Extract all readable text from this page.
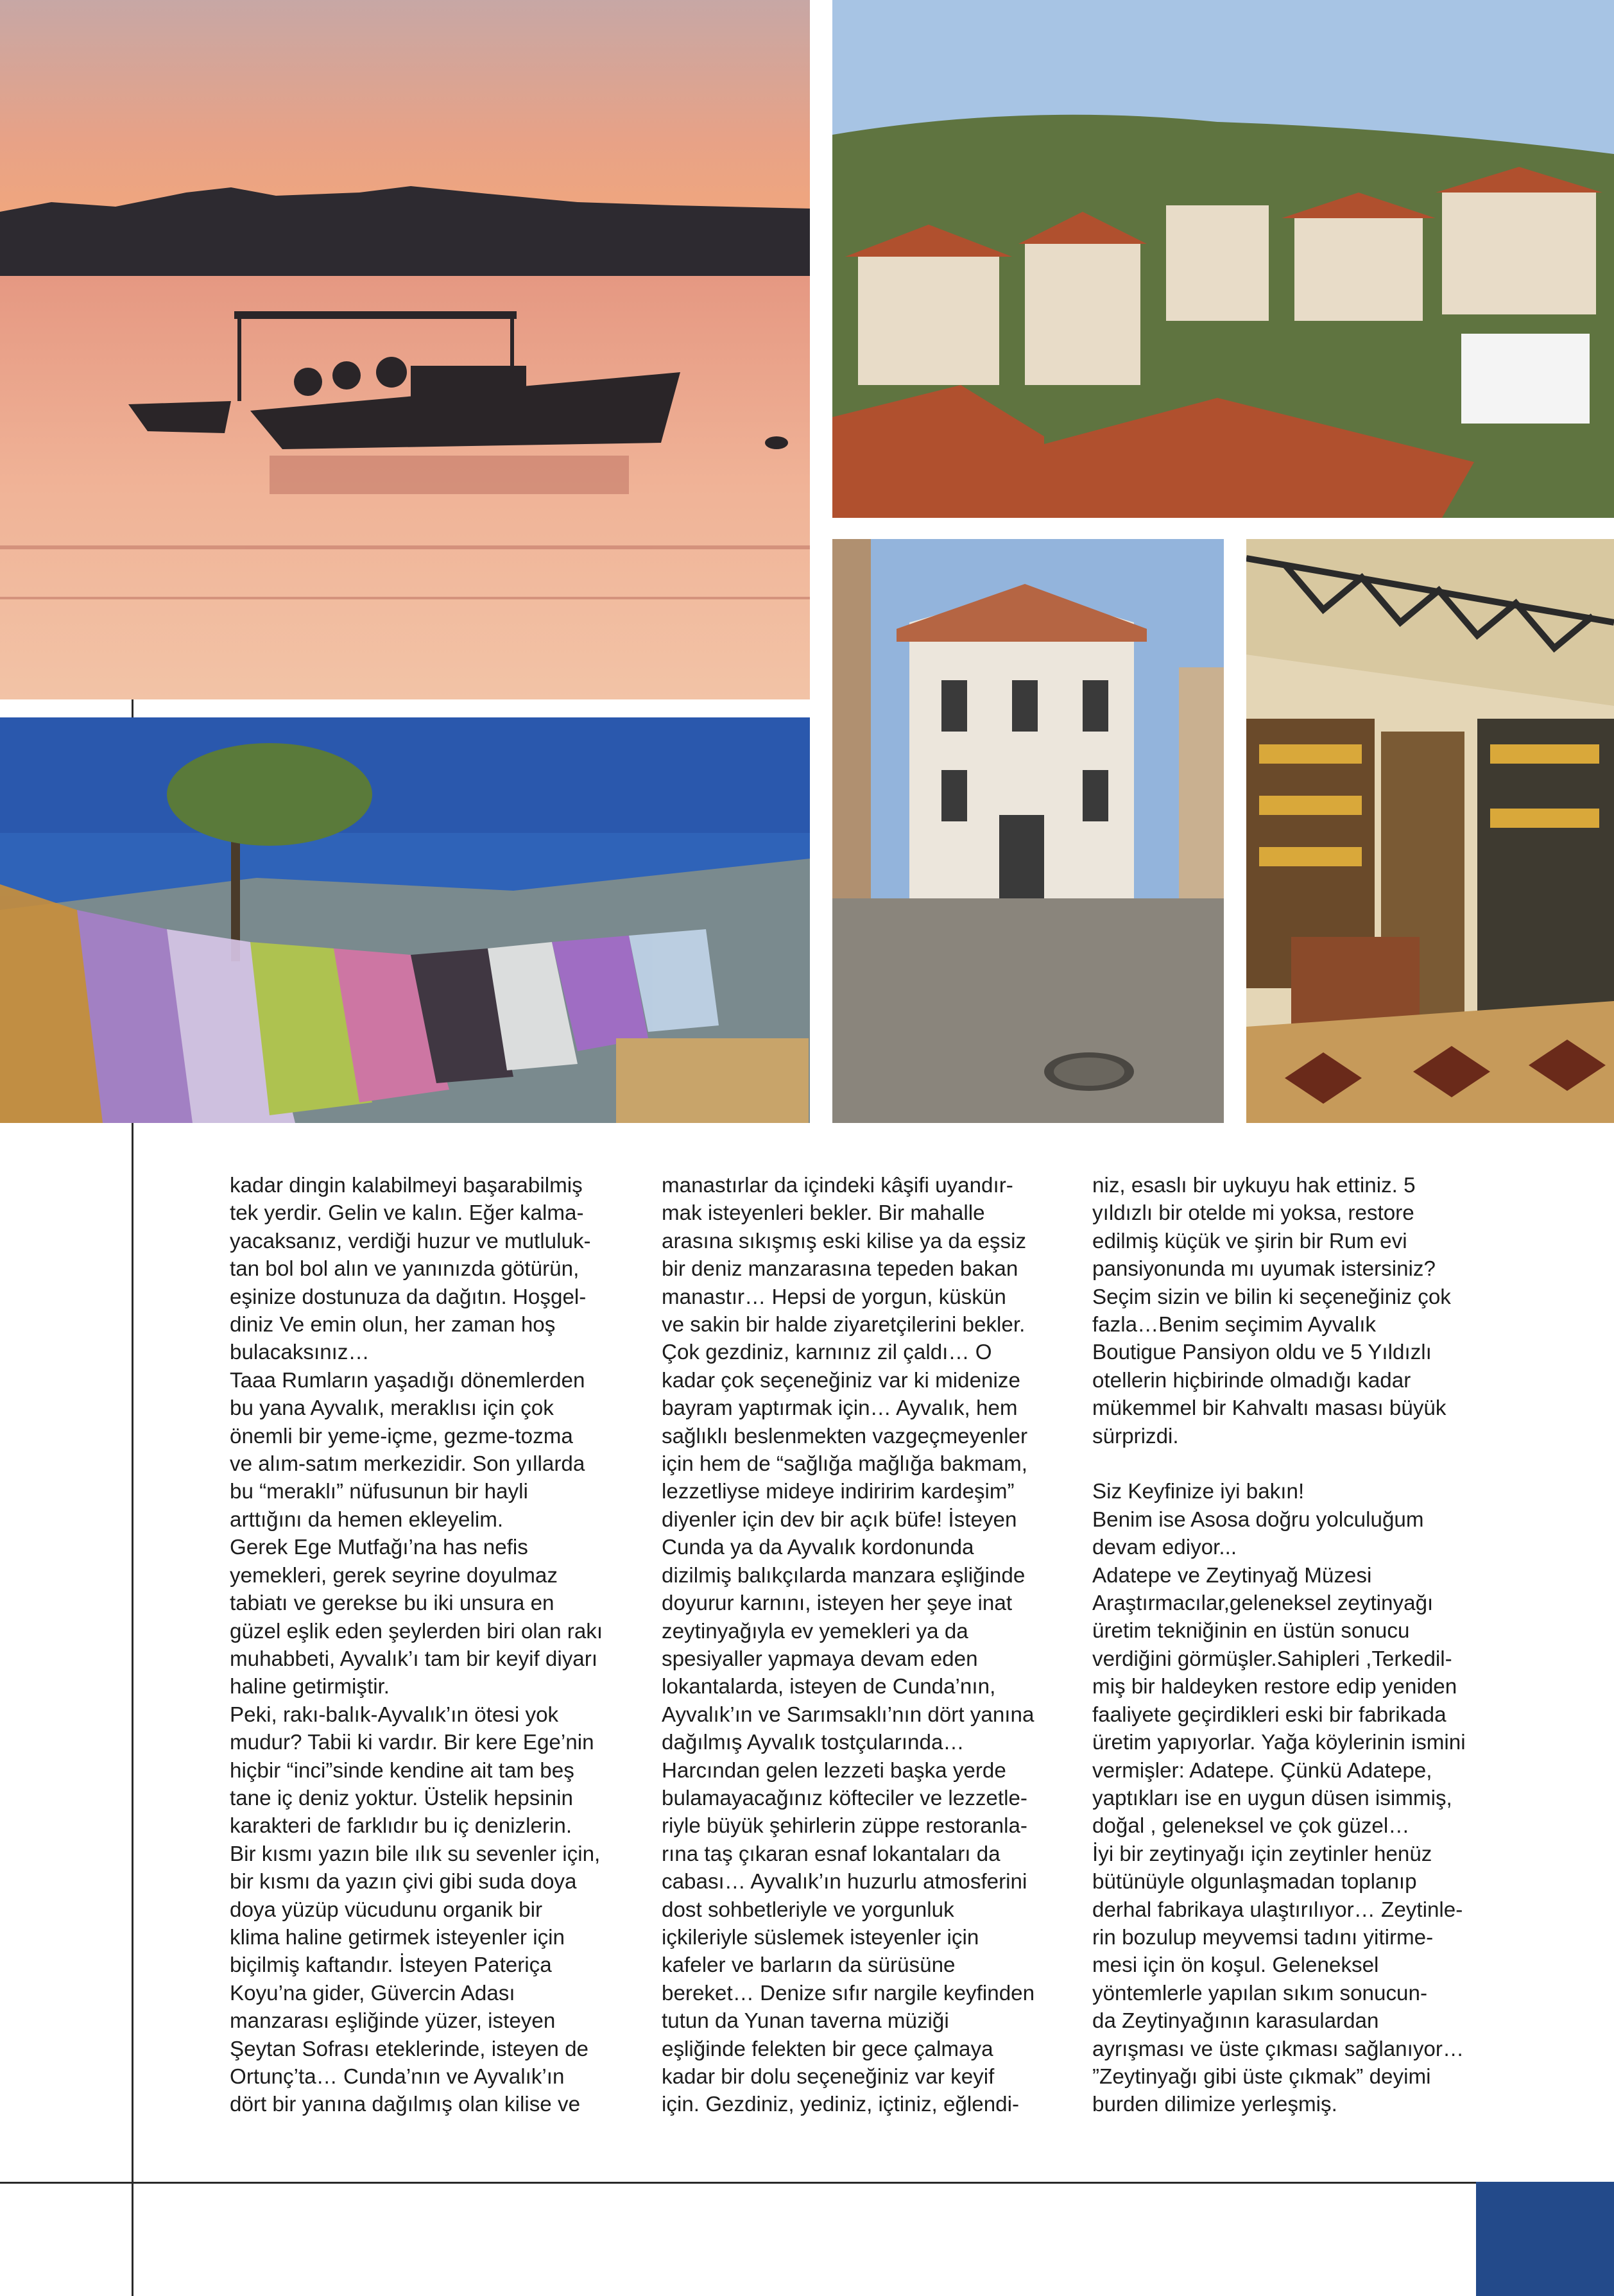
kadar dingin kalabilmeyi başarabilmiş

tek yerdir. Gelin ve kalın. Eğer kalma-

yacaksanız, verdiği huzur ve mutluluk-

tan bol bol alın ve yanınızda götürün,

eşinize dostunuza da dağıtın. Hoşgel-

diniz Ve emin olun, her zaman hoş

bulacaksınız…

Taaa Rumların yaşadığı dönemlerden

bu yana Ayvalık, meraklısı için çok

önemli bir yeme-içme, gezme-tozma

ve alım-satım merkezidir. Son yıllarda

bu “meraklı” nüfusunun bir hayli

arttığını da hemen ekleyelim.

Gerek Ege Mutfağı’na has nefis

yemekleri, gerek seyrine doyulmaz

tabiatı ve gerekse bu iki unsura en

güzel eşlik eden şeylerden biri olan rakı

muhabbeti, Ayvalık’ı tam bir keyif diyarı

haline getirmiştir.

Peki, rakı-balık-Ayvalık’ın ötesi yok

mudur? Tabii ki vardır. Bir kere Ege’nin

hiçbir “inci”sinde kendine ait tam beş

tane iç deniz yoktur. Üstelik hepsinin

karakteri de farklıdır bu iç denizlerin.

Bir kısmı yazın bile ılık su sevenler için,

bir kısmı da yazın çivi gibi suda doya

doya yüzüp vücudunu organik bir

klima haline getirmek isteyenler için

biçilmiş kaftandır. İsteyen Pateriça

Koyu’na gider, Güvercin Adası

manzarası eşliğinde yüzer, isteyen

Şeytan Sofrası eteklerinde, isteyen de

Ortunç’ta… Cunda’nın ve Ayvalık’ın

dört bir yanına dağılmış olan kilise ve

manastırlar da içindeki kâşifi uyandır-

mak isteyenleri bekler. Bir mahalle

arasına sıkışmış eski kilise ya da eşsiz

bir deniz manzarasına tepeden bakan

manastır… Hepsi de yorgun, küskün

ve sakin bir halde ziyaretçilerini bekler.

Çok gezdiniz, karnınız zil çaldı… O

kadar çok seçeneğiniz var ki midenize

bayram yaptırmak için… Ayvalık, hem

sağlıklı beslenmekten vazgeçmeyenler

için hem de “sağlığa mağlığa bakmam,

lezzetliyse mideye indiririm kardeşim”

diyenler için dev bir açık büfe! İsteyen

Cunda ya da Ayvalık kordonunda

dizilmiş balıkçılarda manzara eşliğinde

doyurur karnını, isteyen her şeye inat

zeytinyağıyla ev yemekleri ya da

spesiyaller yapmaya devam eden

lokantalarda, isteyen de Cunda’nın,

Ayvalık’ın ve Sarımsaklı’nın dört yanına

dağılmış Ayvalık tostçularında…

Harcından gelen lezzeti başka yerde

bulamayacağınız köfteciler ve lezzetle-

riyle büyük şehirlerin züppe restoranla-

rına taş çıkaran esnaf lokantaları da

cabası… Ayvalık’ın huzurlu atmosferini

dost sohbetleriyle ve yorgunluk

içkileriyle süslemek isteyenler için

kafeler ve barların da sürüsüne

bereket… Denize sıfır nargile keyfinden

tutun da Yunan taverna müziği

eşliğinde felekten bir gece çalmaya

kadar bir dolu seçeneğiniz var keyif

için. Gezdiniz, yediniz, içtiniz, eğlendi-

niz, esaslı bir uykuyu hak ettiniz. 5

yıldızlı bir otelde mi yoksa, restore

edilmiş küçük ve şirin bir Rum evi

pansiyonunda mı uyumak istersiniz?

Seçim sizin ve bilin ki seçeneğiniz çok

fazla…Benim seçimim Ayvalık

Boutigue Pansiyon oldu ve 5 Yıldızlı

otellerin hiçbirinde olmadığı kadar

mükemmel bir Kahvaltı masası büyük

sürprizdi.

Siz Keyfinize iyi bakın!

Benim ise Asosa doğru yolculuğum

devam ediyor...

Adatepe ve Zeytinyağ Müzesi

Araştırmacılar,geleneksel zeytinyağı

üretim tekniğinin en üstün sonucu

verdiğini görmüşler.Sahipleri ,Terkedil-

miş bir haldeyken restore edip yeniden

faaliyete geçirdikleri eski bir fabrikada

üretim yapıyorlar. Yağa köylerinin ismini

vermişler: Adatepe. Çünkü Adatepe,

yaptıkları ise en uygun düsen isimmiş,

doğal , geleneksel ve çok güzel…

İyi bir zeytinyağı için zeytinler henüz

bütünüyle olgunlaşmadan toplanıp

derhal fabrikaya ulaştırılıyor… Zeytinle-

rin bozulup meyvemsi tadını yitirme-

mesi için ön koşul. Geleneksel

yöntemlerle yapılan sıkım sonucun-

da Zeytinyağının karasulardan

ayrışması ve üste çıkması sağlanıyor…

”Zeytinyağı gibi üste çıkmak” deyimi

burden dilimize yerleşmiş.
